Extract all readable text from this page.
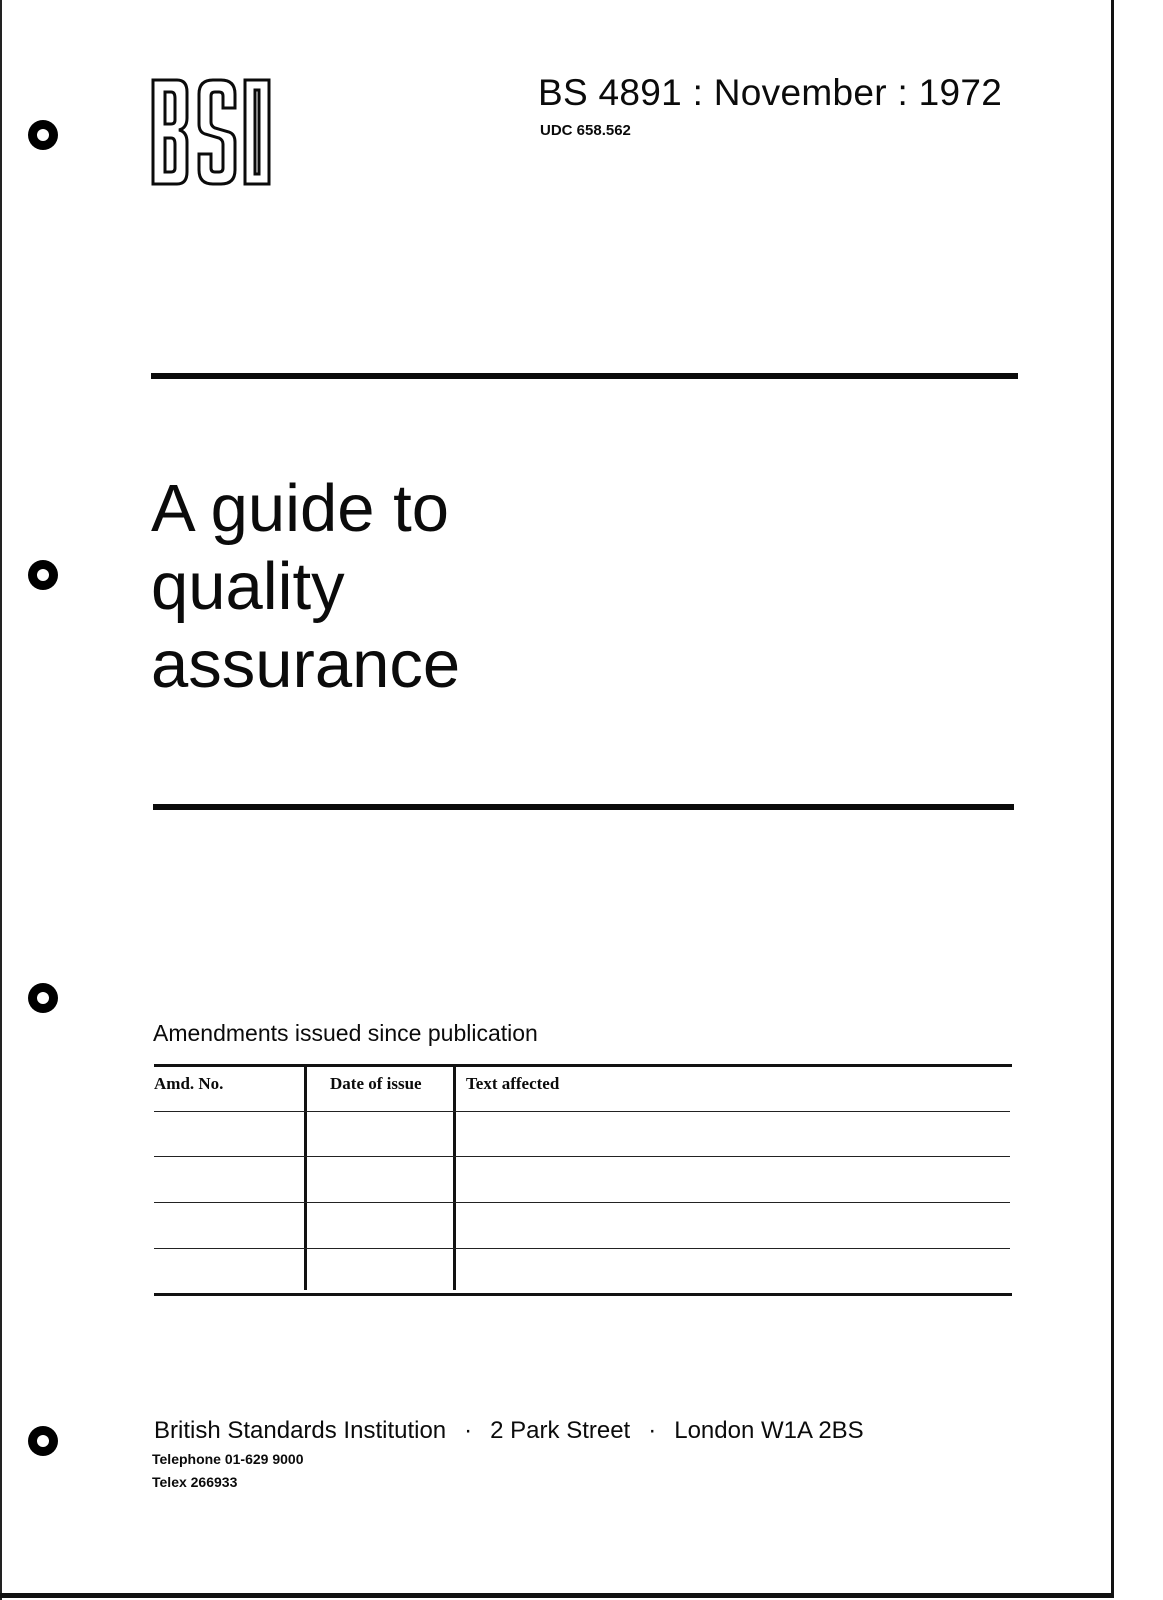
BS 4891 : November : 1972
UDC 658.562
A guide to
quality
assurance
Amendments issued since publication
Amd. No.	Date of issue	Text affected
British Standards Institution · 2 Park Street · London W1A 2BS
Telephone 01-629 9000
Telex 266933
